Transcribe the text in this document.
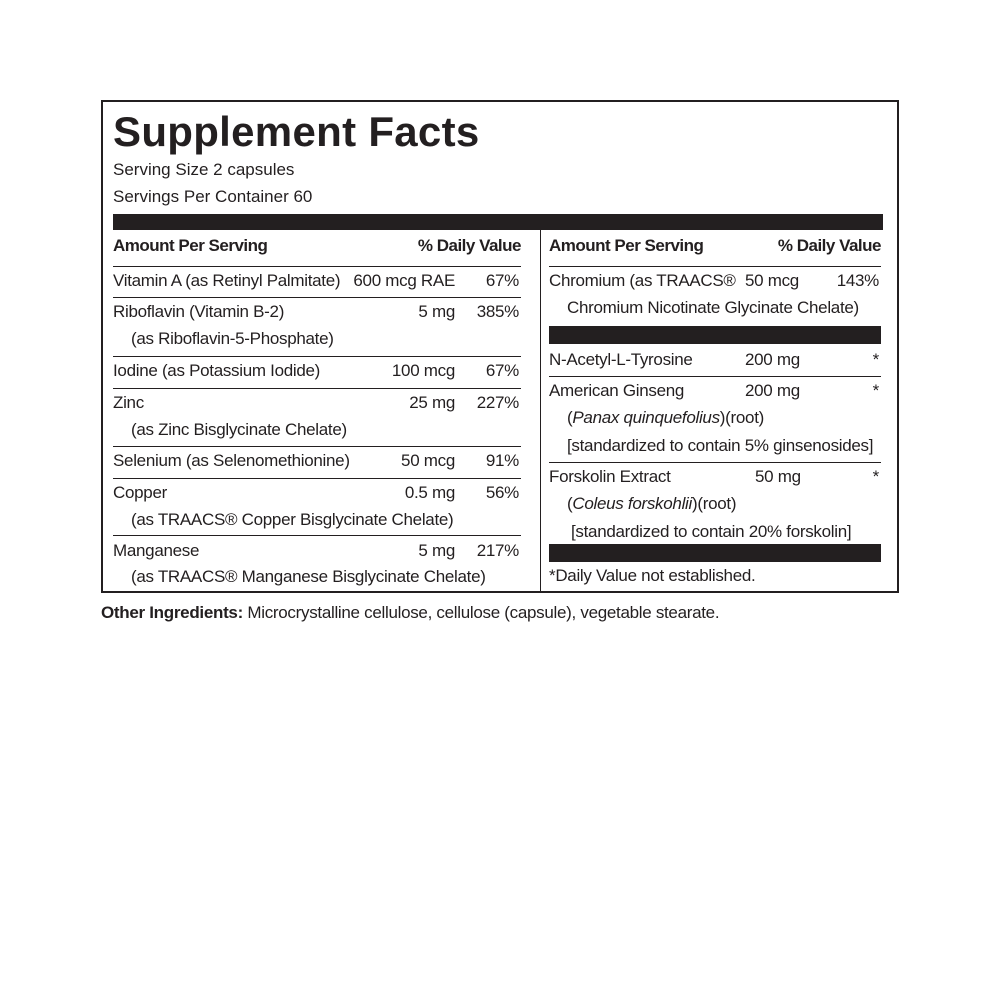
Supplement Facts
Serving Size 2 capsules
Servings Per Container 60
Amount Per Serving	% Daily Value
Vitamin A (as Retinyl Palmitate) 600 mcg RAE 67%
Riboflavin (Vitamin B-2)	5 mg 385%
(as Riboflavin-5-Phosphate)
Iodine (as Potassium Iodide)	100 mcg 67%
Zinc	25 mg 227%
(as Zinc Bisglycinate Chelate)
Selenium (as Selenomethionine)	50 mcg 91%
Copper	0.5 mg 56%
(as TRAACS® Copper Bisglycinate Chelate)
Manganese	5 mg 217%
(as TRAACS® Manganese Bisglycinate Chelate)
Amount Per Serving	% Daily Value
Chromium (as TRAACS® 50 mcg 143%
Chromium Nicotinate Glycinate Chelate)
N-Acetyl-L-Tyrosine	200 mg	*
American Ginseng	200 mg	*
(Panax quinquefolius)(root)
[standardized to contain 5% ginsenosides]
Forskolin Extract	50 mg	*
(Coleus forskohlii)(root)
[standardized to contain 20% forskolin]
*Daily Value not established.
Other Ingredients: Microcrystalline cellulose, cellulose (capsule), vegetable stearate.
